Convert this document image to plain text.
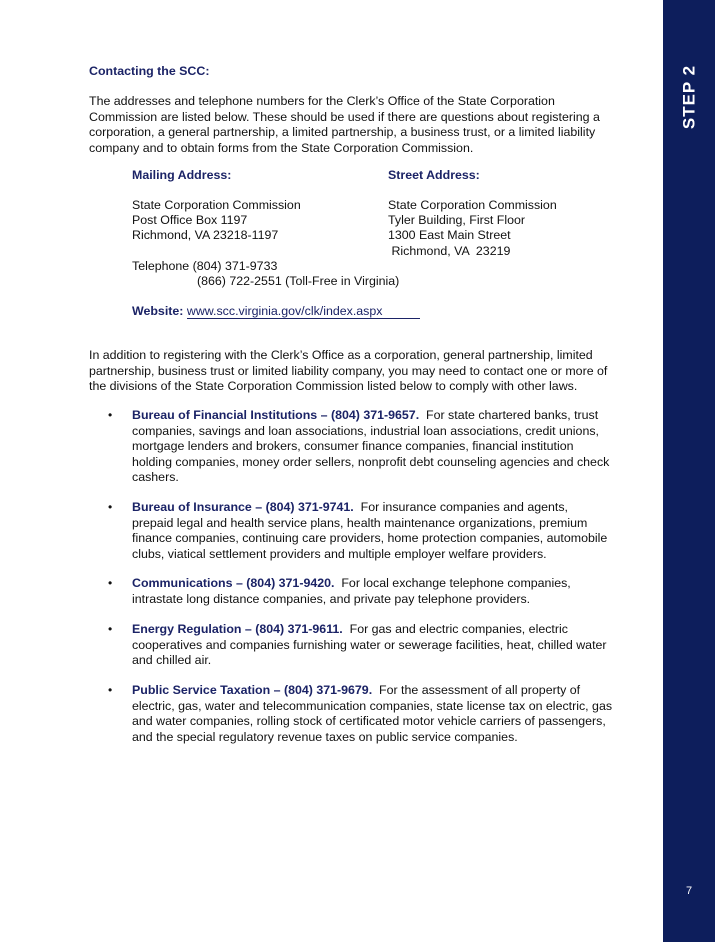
STEP 2
7
Contacting the SCC:
The addresses and telephone numbers for the Clerk’s Office of the State Corporation
Commission are listed below. These should be used if there are questions about registering a
corporation, a general partnership, a limited partnership, a business trust, or a limited liability
company and to obtain forms from the State Corporation Commission.
Mailing Address:
State Corporation Commission
Post Office Box 1197
Richmond, VA 23218-1197
Street Address:
State Corporation Commission
Tyler Building, First Floor
1300 East Main Street
Richmond, VA  23219
Telephone (804) 371-9733
(866) 722-2551 (Toll-Free in Virginia)
Website: www.scc.virginia.gov/clk/index.aspx
In addition to registering with the Clerk’s Office as a corporation, general partnership, limited
partnership, business trust or limited liability company, you may need to contact one or more of
the divisions of the State Corporation Commission listed below to comply with other laws.
• Bureau of Financial Institutions – (804) 371-9657.  For state chartered banks, trust
companies, savings and loan associations, industrial loan associations, credit unions,
mortgage lenders and brokers, consumer finance companies, financial institution
holding companies, money order sellers, nonprofit debt counseling agencies and check
cashers.
• Bureau of Insurance – (804) 371-9741.  For insurance companies and agents,
prepaid legal and health service plans, health maintenance organizations, premium
finance companies, continuing care providers, home protection companies, automobile
clubs, viatical settlement providers and multiple employer welfare providers.
• Communications – (804) 371-9420.  For local exchange telephone companies,
intrastate long distance companies, and private pay telephone providers.
• Energy Regulation – (804) 371-9611.  For gas and electric companies, electric
cooperatives and companies furnishing water or sewerage facilities, heat, chilled water
and chilled air.
• Public Service Taxation – (804) 371-9679.  For the assessment of all property of
electric, gas, water and telecommunication companies, state license tax on electric, gas
and water companies, rolling stock of certificated motor vehicle carriers of passengers,
and the special regulatory revenue taxes on public service companies.
